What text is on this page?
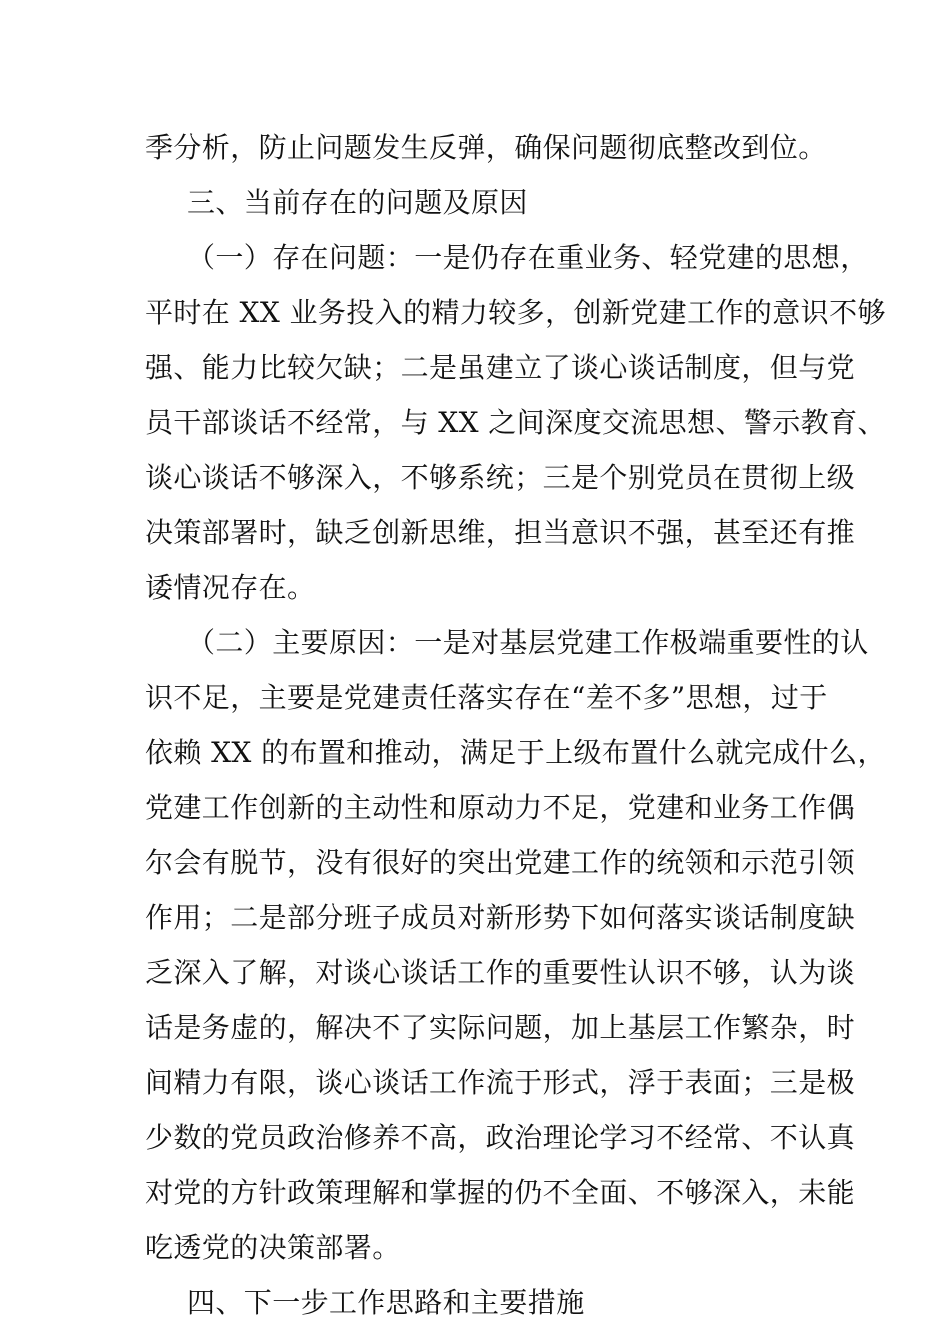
季分析，防止问题发生反弹，确保问题彻底整改到位。
三、当前存在的问题及原因
（一）存在问题：一是仍存在重业务、轻党建的思想，
平时在 XX 业务投入的精力较多，创新党建工作的意识不够
强、能力比较欠缺；二是虽建立了谈心谈话制度，但与党
员干部谈话不经常，与 XX 之间深度交流思想、警示教育、
谈心谈话不够深入，不够系统；三是个别党员在贯彻上级
决策部署时，缺乏创新思维，担当意识不强，甚至还有推
诿情况存在。
（二）主要原因：一是对基层党建工作极端重要性的认
识不足，主要是党建责任落实存在“差不多”思想，过于
依赖 XX 的布置和推动，满足于上级布置什么就完成什么，
党建工作创新的主动性和原动力不足，党建和业务工作偶
尔会有脱节，没有很好的突出党建工作的统领和示范引领
作用；二是部分班子成员对新形势下如何落实谈话制度缺
乏深入了解，对谈心谈话工作的重要性认识不够，认为谈
话是务虚的，解决不了实际问题，加上基层工作繁杂，时
间精力有限，谈心谈话工作流于形式，浮于表面；三是极
少数的党员政治修养不高，政治理论学习不经常、不认真
对党的方针政策理解和掌握的仍不全面、不够深入，未能
吃透党的决策部署。
四、下一步工作思路和主要措施
